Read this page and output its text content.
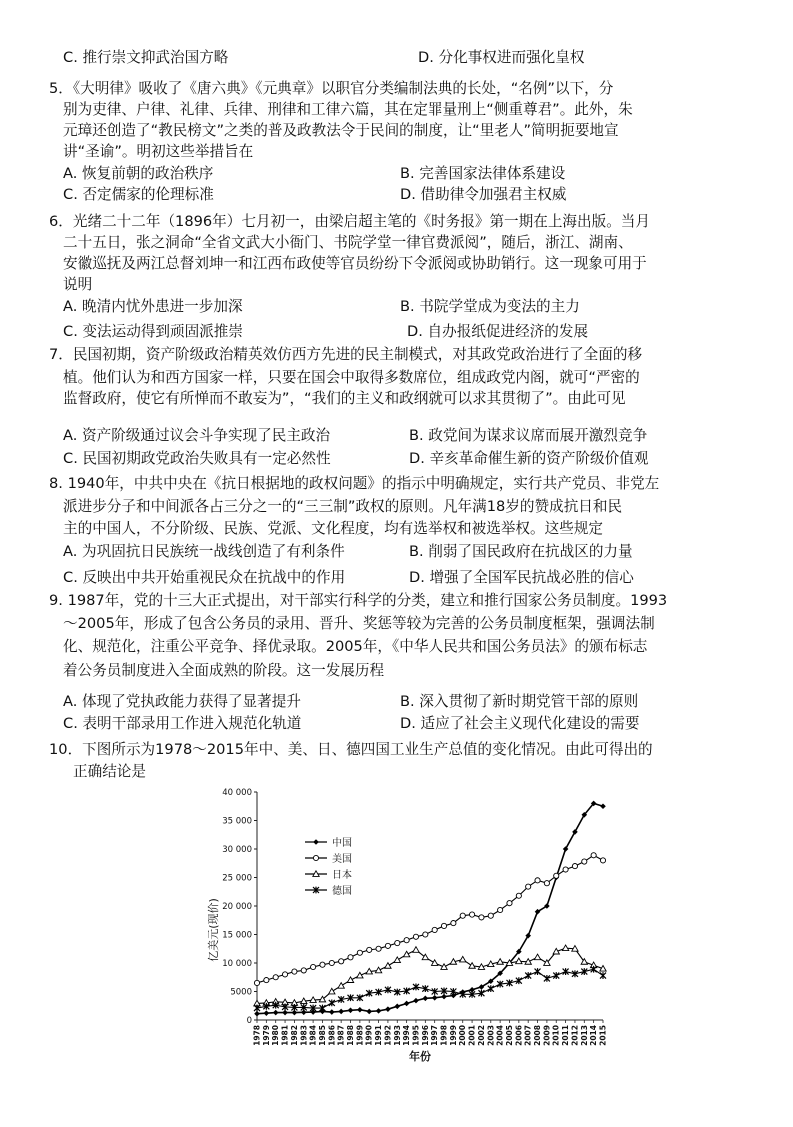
C. 推行崇文抑武治国方略	D. 分化事权进而强化皇权
5．《大明律》吸收了《唐六典》《元典章》以职官分类编制法典的长处，“名例”以下，分
别为吏律、户律、礼律、兵律、刑律和工律六篇，其在定罪量刑上“侧重尊君”。此外，朱
元璋还创造了“教民榜文”之类的普及政教法令于民间的制度，让“里老人”简明扼要地宣
讲“圣谕”。明初这些举措旨在
A. 恢复前朝的政治秩序	B. 完善国家法律体系建设
C. 否定儒家的伦理标准	D. 借助律令加强君主权威
6．光绪二十二年（1896年）七月初一，由梁启超主笔的《时务报》第一期在上海出版。当月
二十五日，张之洞命“全省文武大小衙门、书院学堂一律官费派阅”，随后，浙江、湖南、
安徽巡抚及两江总督刘坤一和江西布政使等官员纷纷下令派阅或协助销行。这一现象可用于
说明
A. 晚清内忧外患进一步加深	B. 书院学堂成为变法的主力
C. 变法运动得到顽固派推崇	D. 自办报纸促进经济的发展
7．民国初期，资产阶级政治精英效仿西方先进的民主制模式，对其政党政治进行了全面的移
植。他们认为和西方国家一样，只要在国会中取得多数席位，组成政党内阁，就可“严密的
监督政府，使它有所惮而不敢妄为”，“我们的主义和政纲就可以求其贯彻了”。由此可见
A. 资产阶级通过议会斗争实现了民主政治	B. 政党间为谋求议席而展开激烈竞争
C. 民国初期政党政治失败具有一定必然性	D. 辛亥革命催生新的资产阶级价值观
8. 1940年，中共中央在《抗日根据地的政权问题》的指示中明确规定，实行共产党员、非党左
派进步分子和中间派各占三分之一的“三三制”政权的原则。凡年满18岁的赞成抗日和民
主的中国人，不分阶级、民族、党派、文化程度，均有选举权和被选举权。这些规定
A. 为巩固抗日民族统一战线创造了有利条件	B. 削弱了国民政府在抗战区的力量
C. 反映出中共开始重视民众在抗战中的作用	D. 增强了全国军民抗战必胜的信心
9. 1987年，党的十三大正式提出，对干部实行科学的分类，建立和推行国家公务员制度。1993
～2005年，形成了包含公务员的录用、晋升、奖惩等较为完善的公务员制度框架，强调法制
化、规范化，注重公平竞争、择优录取。2005年，《中华人民共和国公务员法》的颁布标志
着公务员制度进入全面成熟的阶段。这一发展历程
A. 体现了党执政能力获得了显著提升	B. 深入贯彻了新时期党管干部的原则
C. 表明干部录用工作进入规范化轨道	D. 适应了社会主义现代化建设的需要
10．下图所示为1978～2015年中、美、日、德四国工业生产总值的变化情况。由此可得出的
正确结论是
0
5000
10 000
15 000
20 000
25 000
30 000
35 000
40 000
1978 1979 1980 1981 1982 1983 1984 1985 1986 1987 1988 1989 1990 1991 1992 1993 1994 1995 1996 1997 1998 1999 2000 2001 2002 2003 2004 2005 2006 2007 2008 2009 2010 2011 2012 2013 2014 2015
中国
美国
日本
德国
亿美元(现价)
年份
